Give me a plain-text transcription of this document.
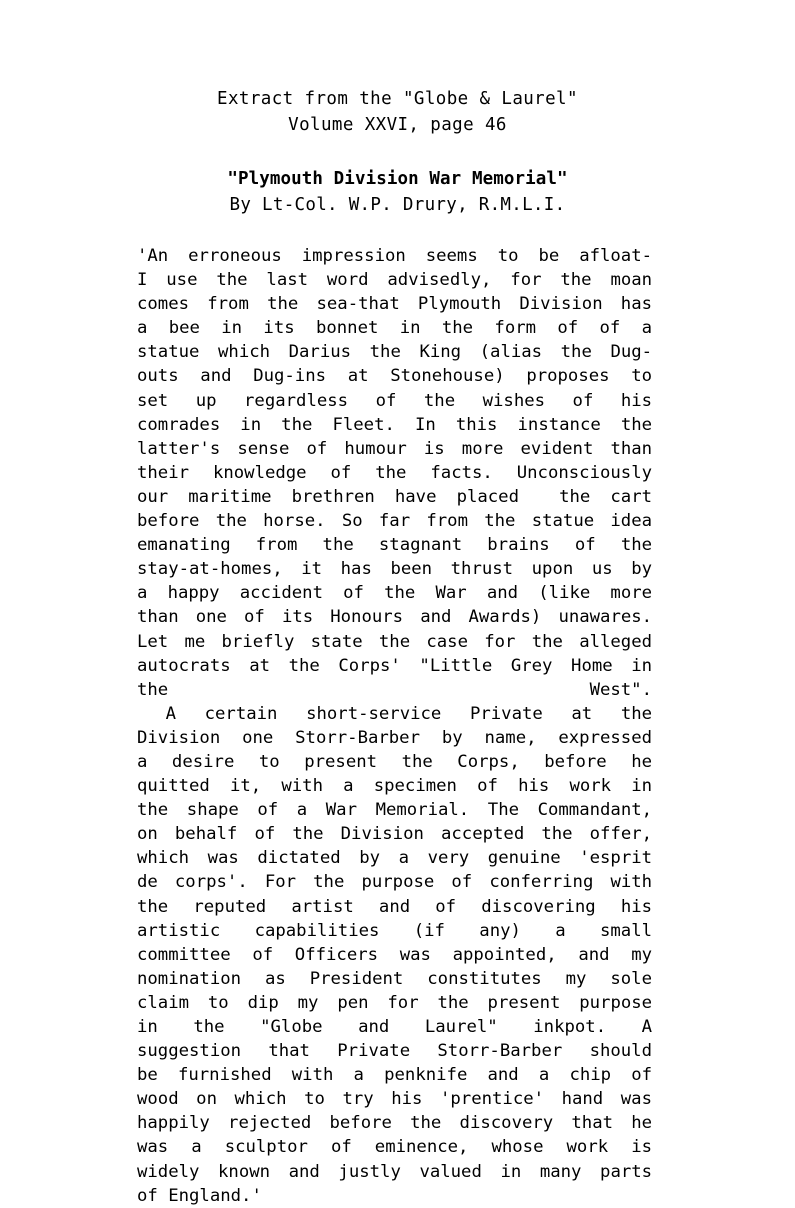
Extract from the "Globe & Laurel"
Volume XXVI, page 46
"Plymouth Division War Memorial"
By Lt-Col. W.P. Drury, R.M.L.I.
'An erroneous impression seems to be afloat-
I use the last word advisedly, for the moan
comes from the sea-that Plymouth Division has
a bee in its bonnet in the form of of a
statue which Darius the King (alias the Dug-
outs and Dug-ins at Stonehouse) proposes to
set up regardless of the wishes of his
comrades in the Fleet. In this instance the
latter's sense of humour is more evident than
their knowledge of the facts. Unconsciously
our maritime brethren have placed the cart
before the horse. So far from the statue idea
emanating from the stagnant brains of the
stay-at-homes, it has been thrust upon us by
a happy accident of the War and (like more
than one of its Honours and Awards) unawares.
Let me briefly state the case for the alleged
autocrats at the Corps' "Little Grey Home in
the	West".
A certain short-service Private at the
Division one Storr-Barber by name, expressed
a desire to present the Corps, before he
quitted it, with a specimen of his work in
the shape of a War Memorial. The Commandant,
on behalf of the Division accepted the offer,
which was dictated by a very genuine 'esprit
de corps'. For the purpose of conferring with
the reputed artist and of discovering his
artistic capabilities (if any) a small
committee of Officers was appointed, and my
nomination as President constitutes my sole
claim to dip my pen for the present purpose
in the "Globe and Laurel" inkpot. A
suggestion that Private Storr-Barber should
be furnished with a penknife and a chip of
wood on which to try his 'prentice' hand was
happily rejected before the discovery that he
was a sculptor of eminence, whose work is
widely known and justly valued in many parts
of England.'
